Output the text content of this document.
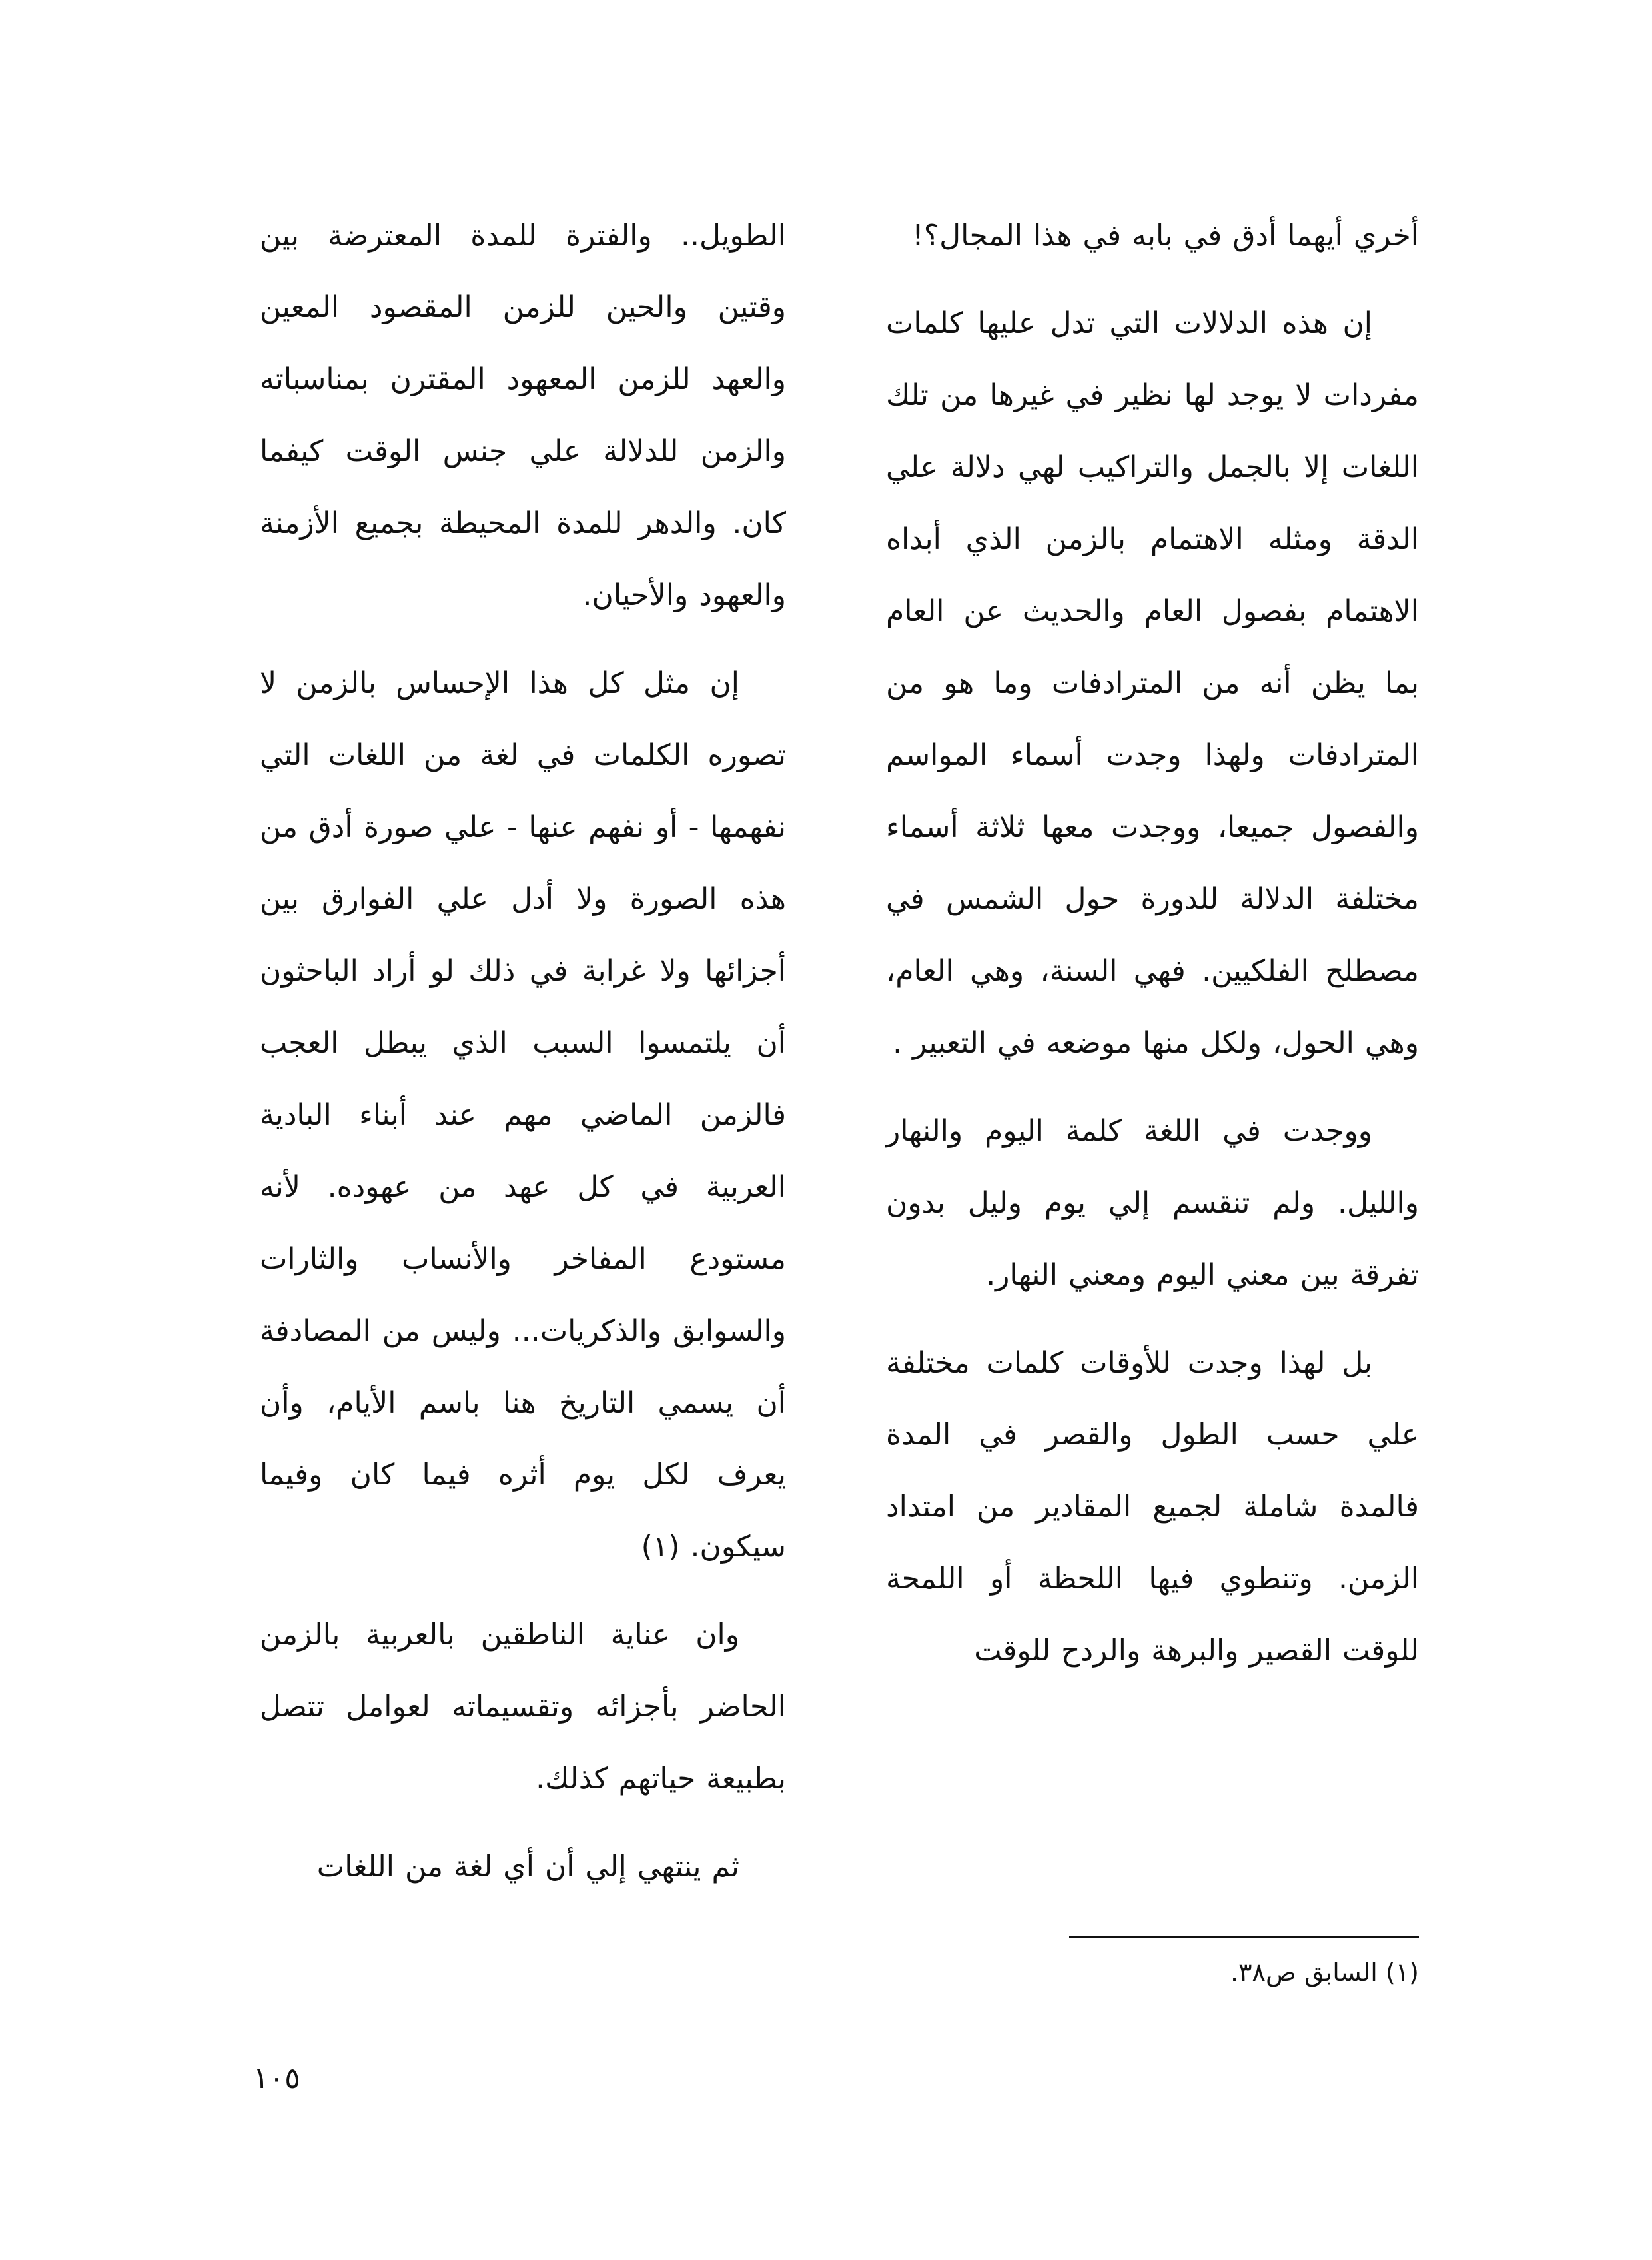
أخري أيهما أدق في بابه في هذا المجال؟!

إن هذه الدلالات التي تدل عليها كلمات مفردات لا يوجد لها نظير في غيرها من تلك اللغات إلا بالجمل والتراكيب لهي دلالة علي الدقة ومثله الاهتمام بالزمن الذي أبداه الاهتمام بفصول العام والحديث عن العام بما يظن أنه من المترادفات وما هو من المترادفات ولهذا وجدت أسماء المواسم والفصول جميعا، ووجدت معها ثلاثة أسماء مختلفة الدلالة للدورة حول الشمس في مصطلح الفلكيين. فهي السنة، وهي العام، وهي الحول، ولكل منها موضعه في التعبير .

ووجدت في اللغة كلمة اليوم والنهار والليل. ولم تنقسم إلي يوم وليل بدون تفرقة بين معني اليوم ومعني النهار.

بل لهذا وجدت للأوقات كلمات مختلفة علي حسب الطول والقصر في المدة فالمدة شاملة لجميع المقادير من امتداد الزمن. وتنطوي فيها اللحظة أو اللمحة للوقت القصير والبرهة والردح للوقت

الطويل.. والفترة للمدة المعترضة بين وقتين والحين للزمن المقصود المعين والعهد للزمن المعهود المقترن بمناسباته والزمن للدلالة علي جنس الوقت كيفما كان. والدهر للمدة المحيطة بجميع الأزمنة والعهود والأحيان.

إن مثل كل هذا الإحساس بالزمن لا تصوره الكلمات في لغة من اللغات التي نفهمها - أو نفهم عنها - علي صورة أدق من هذه الصورة ولا أدل علي الفوارق بين أجزائها ولا غرابة في ذلك لو أراد الباحثون أن يلتمسوا السبب الذي يبطل العجب فالزمن الماضي مهم عند أبناء البادية العربية في كل عهد من عهوده. لأنه مستودع المفاخر والأنساب والثارات والسوابق والذكريات... وليس من المصادفة أن يسمي التاريخ هنا باسم الأيام، وأن يعرف لكل يوم أثره فيما كان وفيما سيكون. (١)

وان عناية الناطقين بالعربية بالزمن الحاضر بأجزائه وتقسيماته لعوامل تتصل بطبيعة حياتهم كذلك.

ثم ينتهي إلي أن أي لغة من اللغات

(١) السابق ص٣٨.
١٠٥
